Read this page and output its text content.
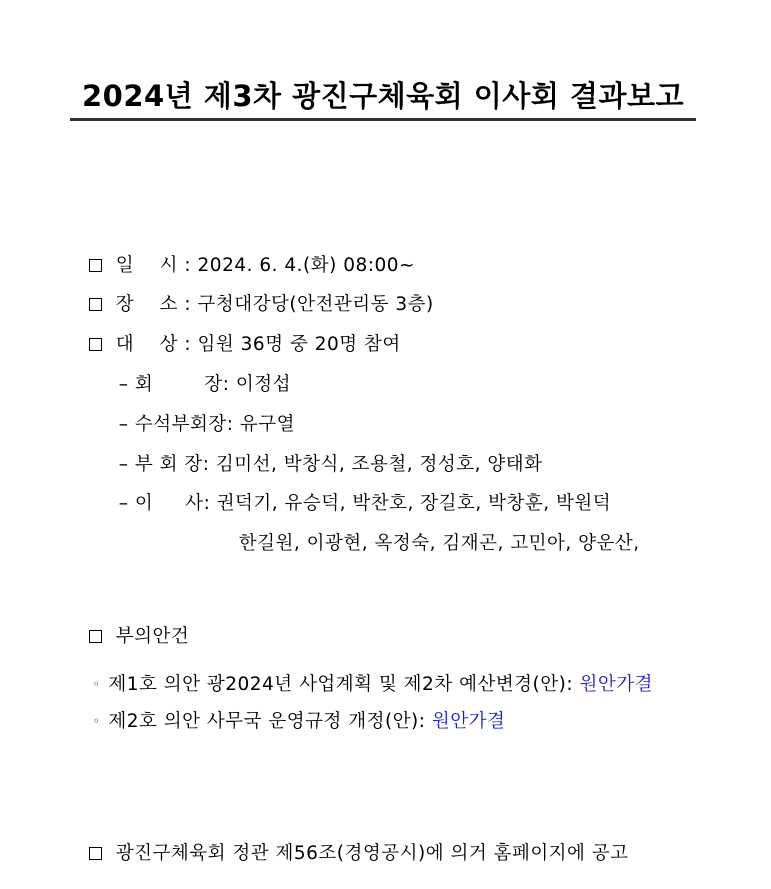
2024년 제3차 광진구체육회 이사회 결과보고

일    시 : 2024. 6. 4.(화) 08:00~

장    소 : 구청대강당(안전관리동 3층)

대    상 : 임원 36명 중 20명 참여

– 회        장: 이정섭

– 수석부회장: 유구열

– 부 회 장: 김미선, 박창식, 조용철, 정성호, 양태화

– 이     사: 권덕기, 유승덕, 박찬호, 장길호, 박창훈, 박원덕

한길원, 이광현, 옥정숙, 김재곤, 고민아, 양운산,

부의안건

◦ 제1호 의안 광2024년 사업계획 및 제2차 예산변경(안): 원안가결

◦ 제2호 의안 사무국 운영규정 개정(안): 원안가결

광진구체육회 정관 제56조(경영공시)에 의거 홈페이지에 공고
